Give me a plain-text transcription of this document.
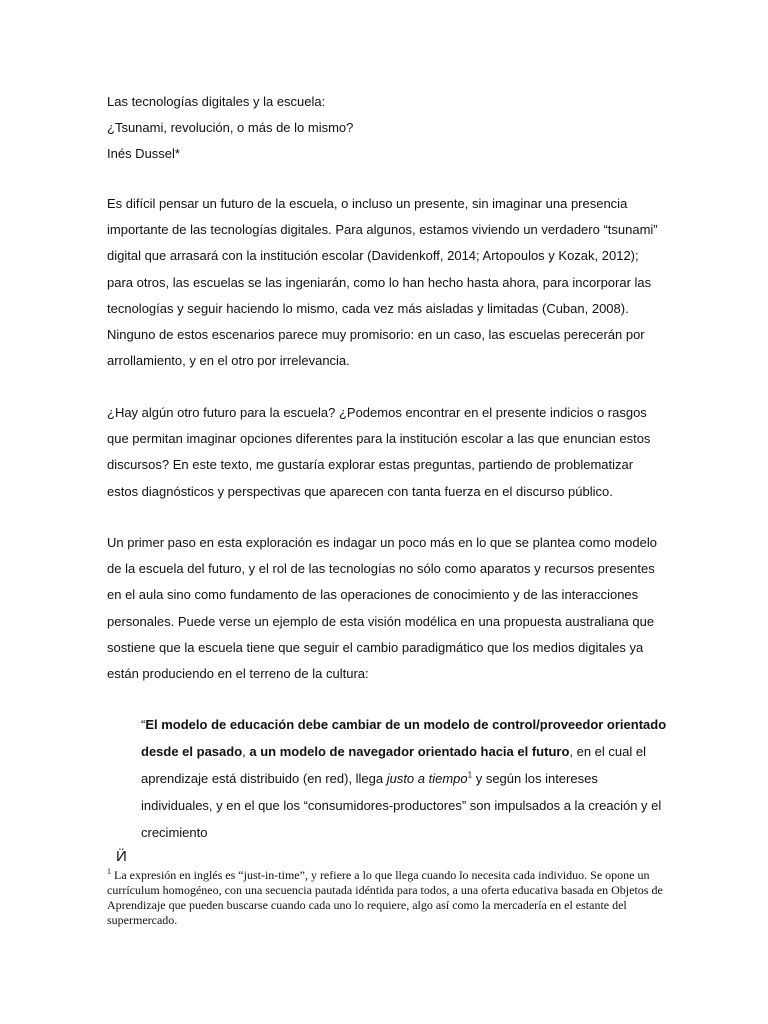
Las tecnologías digitales y la escuela:
¿Tsunami, revolución, o más de lo mismo?
Inés Dussel*

Es difícil pensar un futuro de la escuela, o incluso un presente, sin imaginar una presencia importante de las tecnologías digitales. Para algunos, estamos viviendo un verdadero “tsunami” digital que arrasará con la institución escolar (Davidenkoff, 2014; Artopoulos y Kozak, 2012); para otros, las escuelas se las ingeniarán, como lo han hecho hasta ahora, para incorporar las tecnologías y seguir haciendo lo mismo, cada vez más aisladas y limitadas (Cuban, 2008). Ninguno de estos escenarios parece muy promisorio: en un caso, las escuelas perecerán por arrollamiento, y en el otro por irrelevancia.

¿Hay algún otro futuro para la escuela? ¿Podemos encontrar en el presente indicios o rasgos que permitan imaginar opciones diferentes para la institución escolar a las que enuncian estos discursos? En este texto, me gustaría explorar estas preguntas, partiendo de problematizar estos diagnósticos y perspectivas que aparecen con tanta fuerza en el discurso público.

Un primer paso en esta exploración es indagar un poco más en lo que se plantea como modelo de la escuela del futuro, y el rol de las tecnologías no sólo como aparatos y recursos presentes en el aula sino como fundamento de las operaciones de conocimiento y de las interacciones personales. Puede verse un ejemplo de esta visión modélica en una propuesta australiana que sostiene que la escuela tiene que seguir el cambio paradigmático que los medios digitales ya están produciendo en el terreno de la cultura:

“El modelo de educación debe cambiar de un modelo de control/proveedor orientado desde el pasado, a un modelo de navegador orientado hacia el futuro, en el cual el aprendizaje está distribuido (en red), llega justo a tiempo$^1$ y según los intereses individuales, y en el que los “consumidores-productores” son impulsados a la creación y el crecimiento

Ӥ

$^1$ La expresión en inglés es “just-in-time”, y refiere a lo que llega cuando lo necesita cada individuo. Se opone un currículum homogéneo, con una secuencia pautada idéntida para todos, a una oferta educativa basada en Objetos de Aprendizaje que pueden buscarse cuando cada uno lo requiere, algo así como la mercadería en el estante del supermercado.
